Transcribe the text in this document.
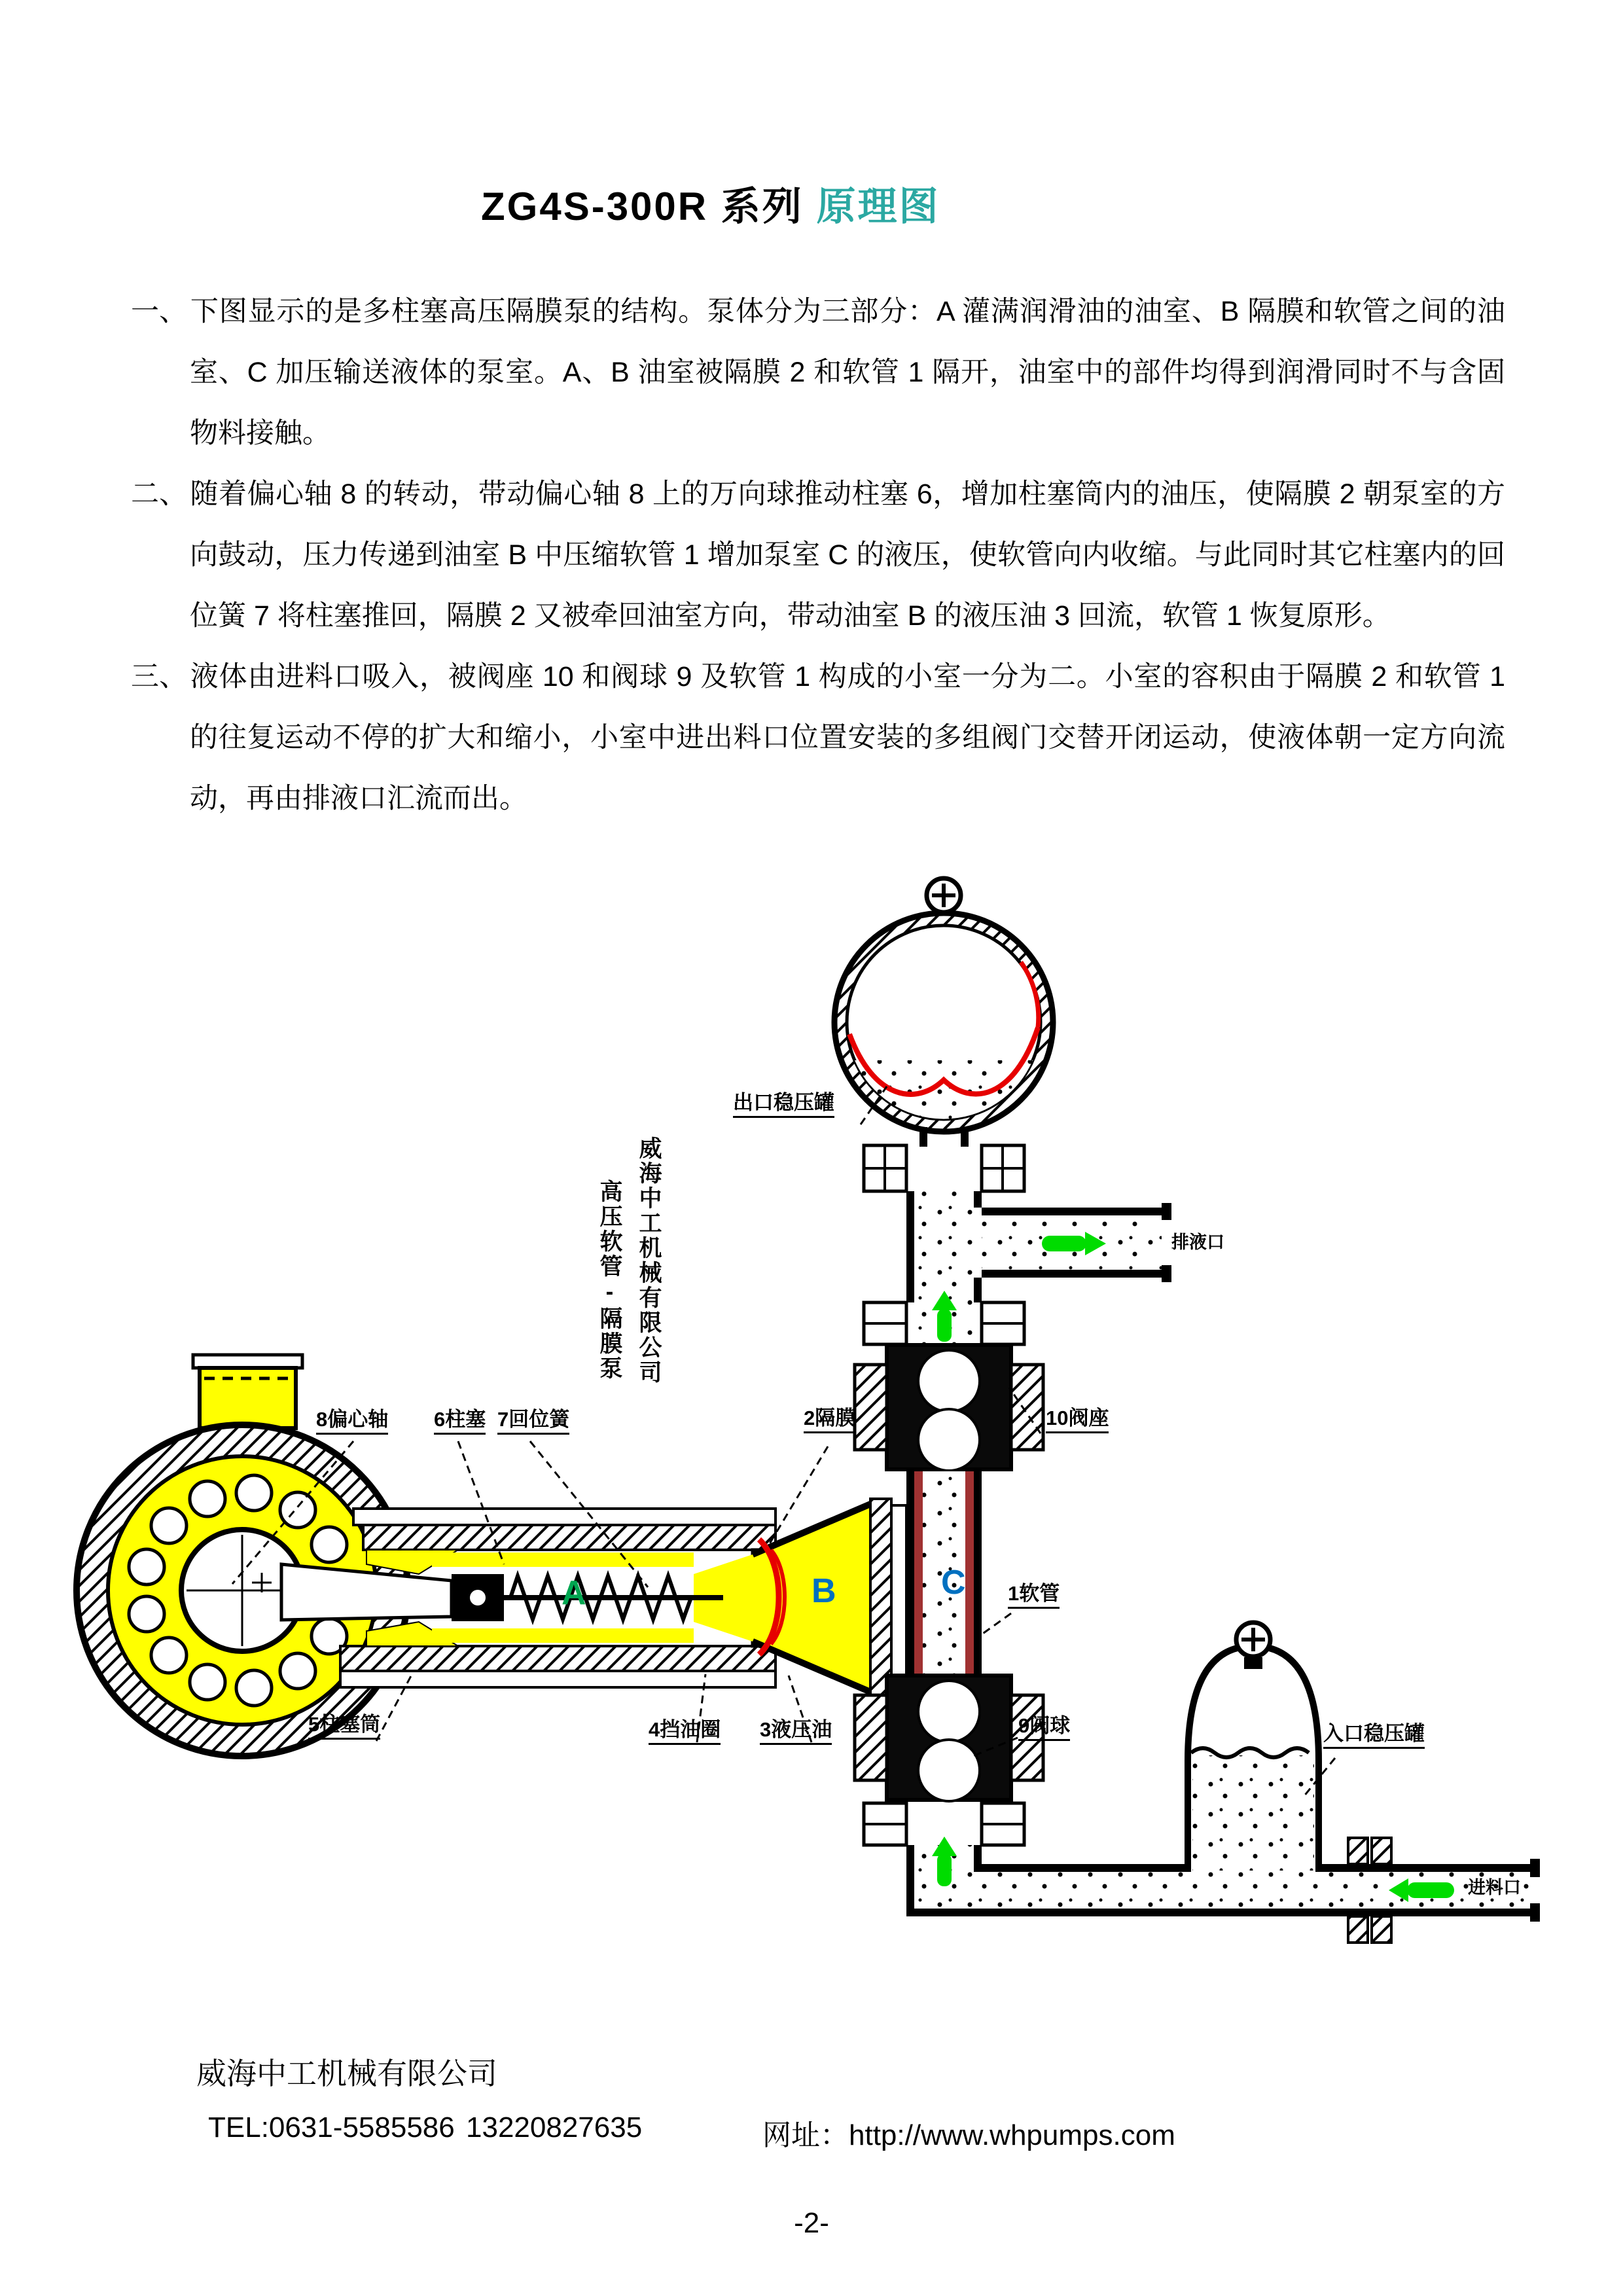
ZG4S-300R 系列 原理图

一、下图显示的是多柱塞高压隔膜泵的结构。泵体分为三部分：A 灌满润滑油的油室、B 隔膜和软管之间的油室、C 加压输送液体的泵室。A、B 油室被隔膜 2 和软管 1 隔开，油室中的部件均得到润滑同时不与含固物料接触。

二、随着偏心轴 8 的转动，带动偏心轴 8 上的万向球推动柱塞 6，增加柱塞筒内的油压，使隔膜 2 朝泵室的方向鼓动，压力传递到油室 B 中压缩软管 1 增加泵室 C 的液压，使软管向内收缩。与此同时其它柱塞内的回位簧 7 将柱塞推回，隔膜 2 又被牵回油室方向，带动油室 B 的液压油 3 回流，软管 1 恢复原形。

三、液体由进料口吸入，被阀座 10 和阀球 9 及软管 1 构成的小室一分为二。小室的容积由于隔膜 2 和软管 1 的往复运动不停的扩大和缩小，小室中进出料口位置安装的多组阀门交替开闭运动，使液体朝一定方向流动，再由排液口汇流而出。

威海中工机械有限公司
高压软管-隔膜泵
出口稳压罐
排液口
8偏心轴 6柱塞 7回位簧	2隔膜	10阀座
1软管
9阀球
5柱塞筒	4挡油圈 3液压油	入口稳压罐
进料口
A	B	C
威海中工机械有限公司
TEL:0631-5585586 13220827635	网址：http://www.whpumps.com
-2-
